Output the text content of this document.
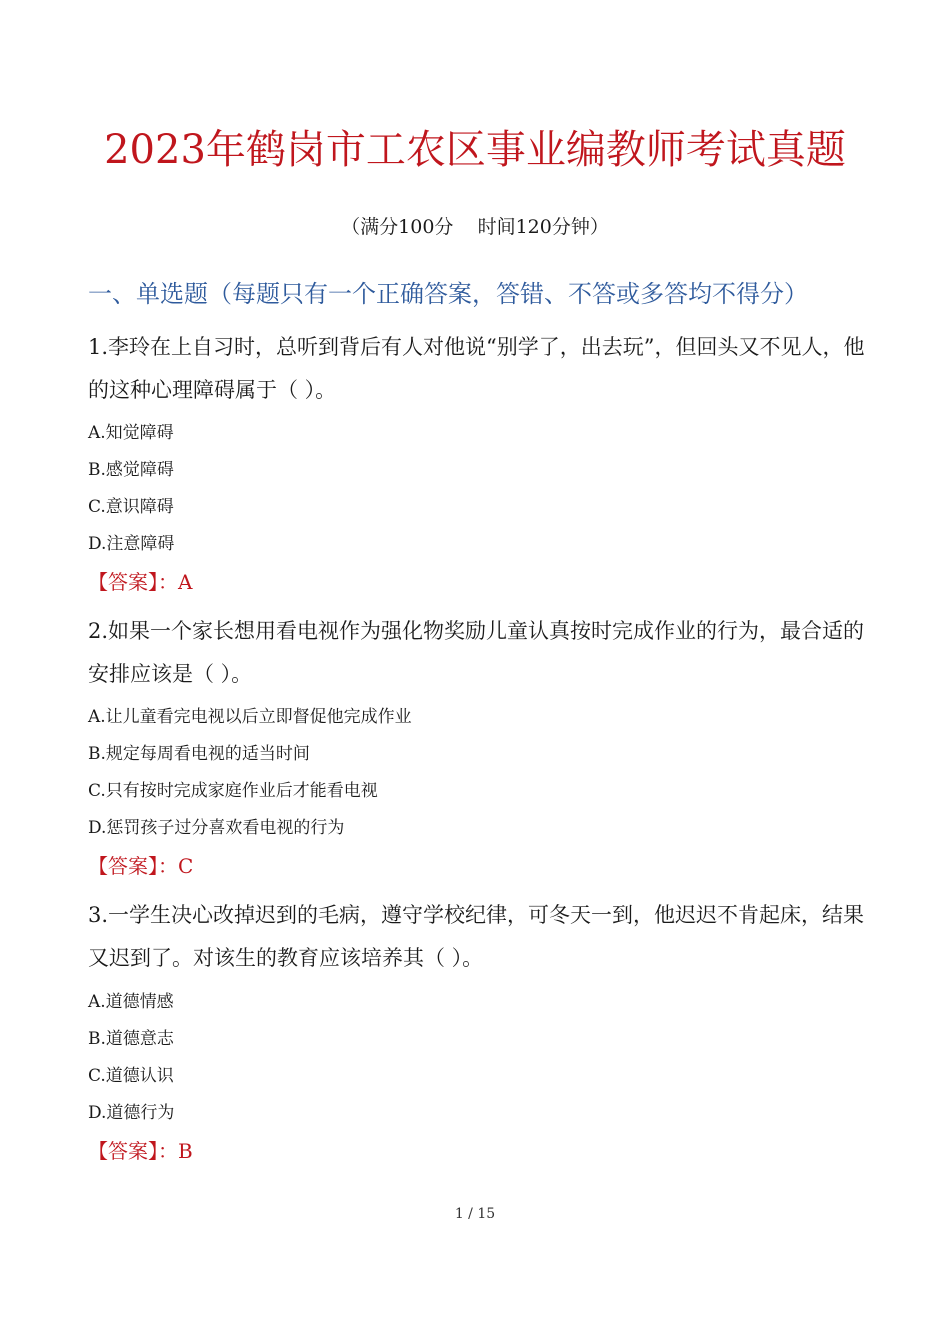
2023年鹤岗市工农区事业编教师考试真题
（满分100分    时间120分钟）
一、单选题（每题只有一个正确答案，答错、不答或多答均不得分）
1.李玲在上自习时，总听到背后有人对他说“别学了，出去玩”，但回头又不见人，他的这种心理障碍属于（ ）。
A.知觉障碍
B.感觉障碍
C.意识障碍
D.注意障碍
【答案】：A
2.如果一个家长想用看电视作为强化物奖励儿童认真按时完成作业的行为，最合适的安排应该是（ ）。
A.让儿童看完电视以后立即督促他完成作业
B.规定每周看电视的适当时间
C.只有按时完成家庭作业后才能看电视
D.惩罚孩子过分喜欢看电视的行为
【答案】：C
3.一学生决心改掉迟到的毛病，遵守学校纪律，可冬天一到，他迟迟不肯起床，结果又迟到了。对该生的教育应该培养其（ ）。
A.道德情感
B.道德意志
C.道德认识
D.道德行为
【答案】：B
1 / 15
